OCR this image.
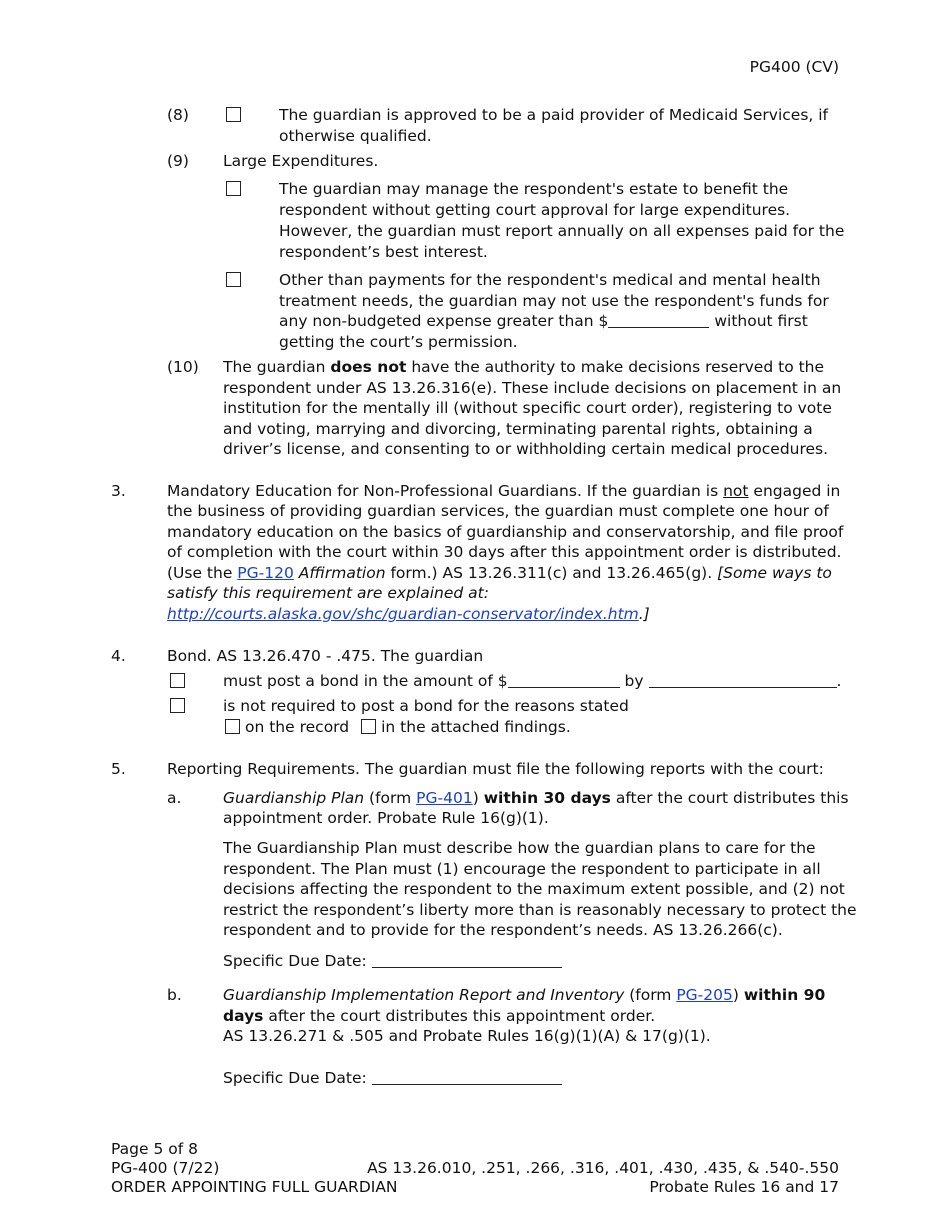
PG400 (CV)
(8)	The guardian is approved to be a paid provider of Medicaid Services, if
otherwise qualified.
(9) Large Expenditures.
The guardian may manage the respondent's estate to benefit the
respondent without getting court approval for large expenditures.
However, the guardian must report annually on all expenses paid for the
respondent’s best interest.
Other than payments for the respondent's medical and mental health
treatment needs, the guardian may not use the respondent's funds for
any non-budgeted expense greater than $	without first
getting the court’s permission.
(10) The guardian does not have the authority to make decisions reserved to the
respondent under AS 13.26.316(e). These include decisions on placement in an
institution for the mentally ill (without specific court order), registering to vote
and voting, marrying and divorcing, terminating parental rights, obtaining a
driver’s license, and consenting to or withholding certain medical procedures.
3.	Mandatory Education for Non-Professional Guardians. If the guardian is not engaged in
the business of providing guardian services, the guardian must complete one hour of
mandatory education on the basics of guardianship and conservatorship, and file proof
of completion with the court within 30 days after this appointment order is distributed.
(Use the PG-120 Affirmation form.) AS 13.26.311(c) and 13.26.465(g). [Some ways to
satisfy this requirement are explained at:
http://courts.alaska.gov/shc/guardian-conservator/index.htm.]
4.	Bond. AS 13.26.470 - .475. The guardian
must post a bond in the amount of $	by	.
is not required to post a bond for the reasons stated
on the record in the attached findings.
5.	Reporting Requirements. The guardian must file the following reports with the court:
a.	Guardianship Plan (form PG-401) within 30 days after the court distributes this
appointment order. Probate Rule 16(g)(1).
The Guardianship Plan must describe how the guardian plans to care for the
respondent. The Plan must (1) encourage the respondent to participate in all
decisions affecting the respondent to the maximum extent possible, and (2) not
restrict the respondent’s liberty more than is reasonably necessary to protect the
respondent and to provide for the respondent’s needs. AS 13.26.266(c).
Specific Due Date:
b.	Guardianship Implementation Report and Inventory (form PG-205) within 90
days after the court distributes this appointment order.
AS 13.26.271 & .505 and Probate Rules 16(g)(1)(A) & 17(g)(1).
Specific Due Date:
Page 5 of 8
PG-400 (7/22)
ORDER APPOINTING FULL GUARDIAN
AS 13.26.010, .251, .266, .316, .401, .430, .435, & .540-.550
Probate Rules 16 and 17
